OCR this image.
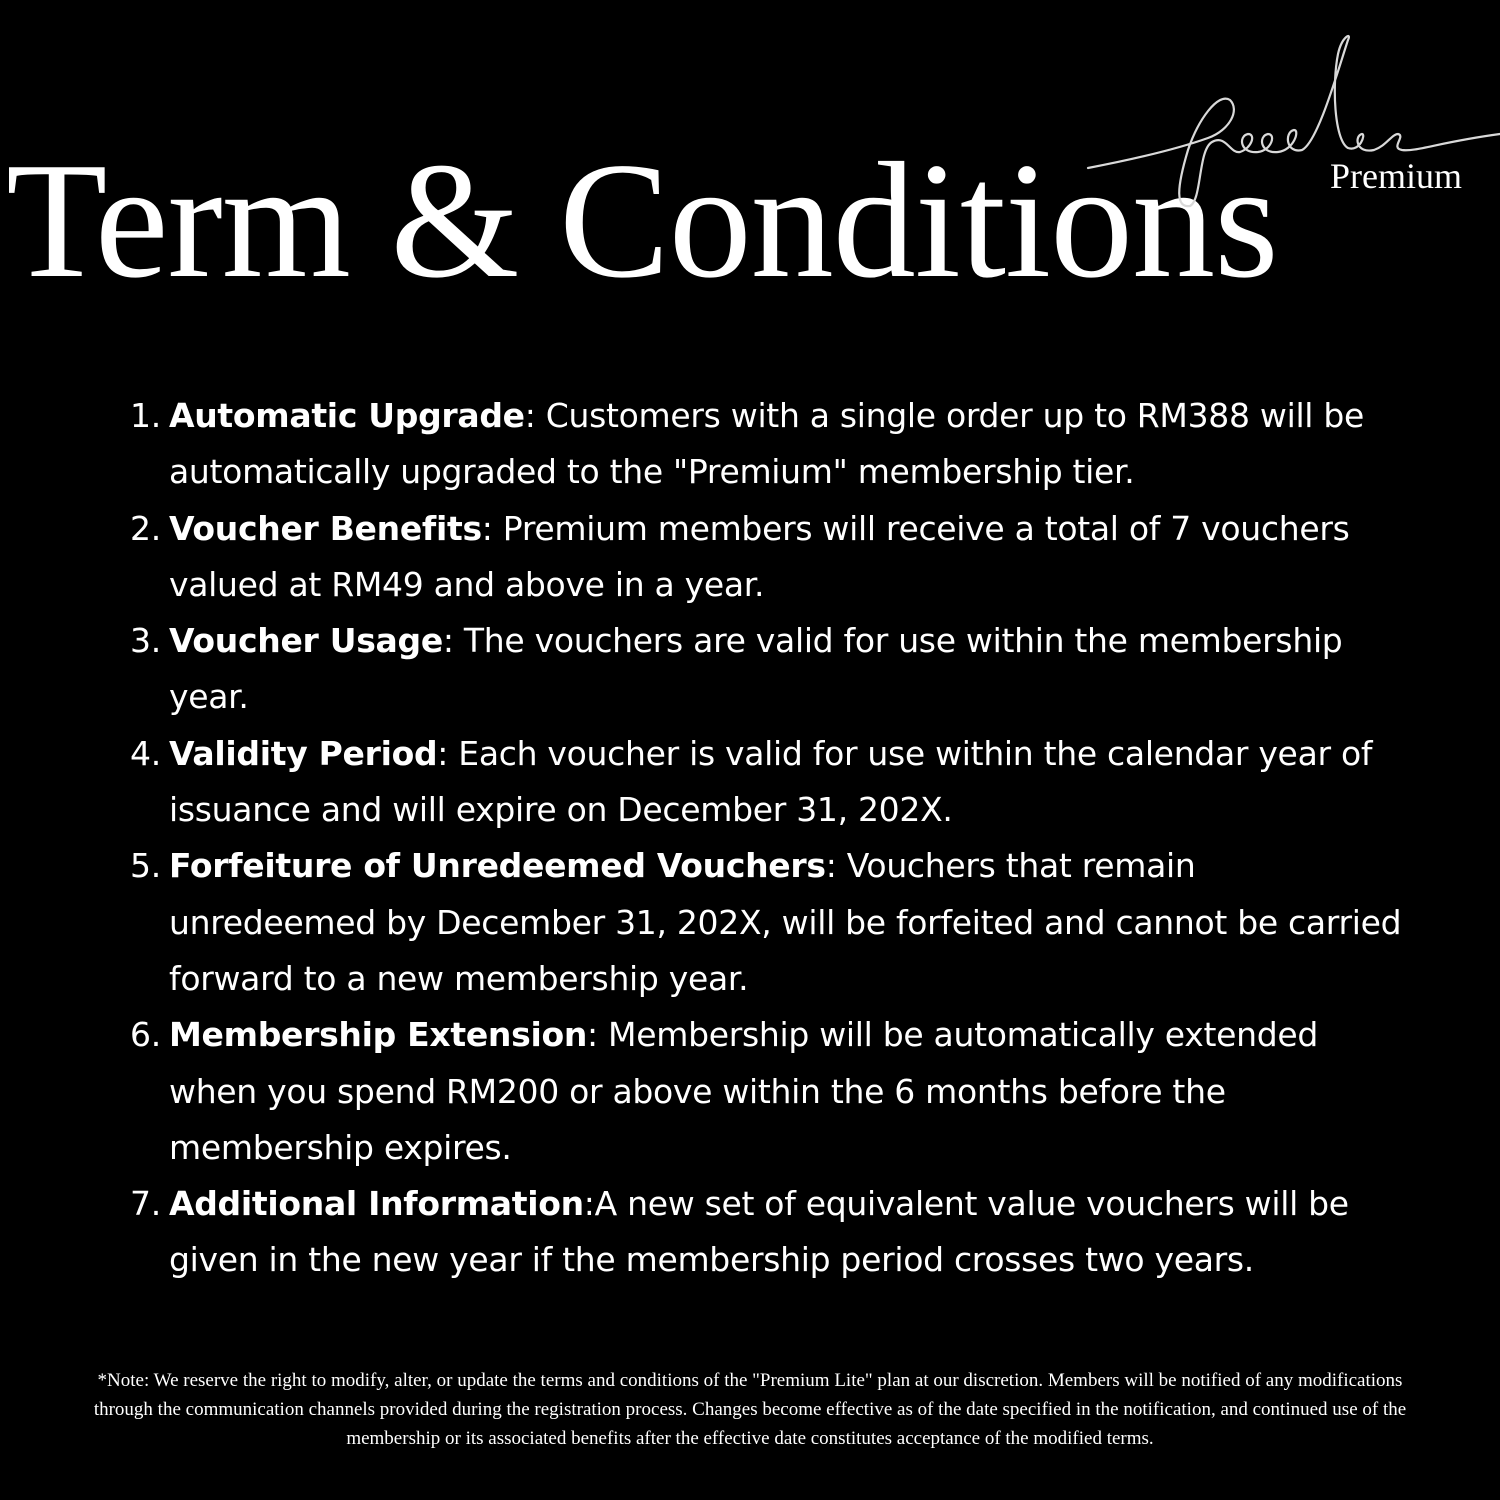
Term & Conditions Premium
1. Automatic Upgrade: Customers with a single order up to RM388 will be automatically upgraded to the "Premium" membership tier.
2. Voucher Benefits: Premium members will receive a total of 7 vouchers valued at RM49 and above in a year.
3. Voucher Usage: The vouchers are valid for use within the membership year.
4. Validity Period: Each voucher is valid for use within the calendar year of issuance and will expire on December 31, 202X.
5. Forfeiture of Unredeemed Vouchers: Vouchers that remain unredeemed by December 31, 202X, will be forfeited and cannot be carried forward to a new membership year.
6. Membership Extension: Membership will be automatically extended when you spend RM200 or above within the 6 months before the membership expires.
7. Additional Information:A new set of equivalent value vouchers will be given in the new year if the membership period crosses two years.

*Note: We reserve the right to modify, alter, or update the terms and conditions of the "Premium Lite" plan at our discretion. Members will be notified of any modifications through the communication channels provided during the registration process. Changes become effective as of the date specified in the notification, and continued use of the membership or its associated benefits after the effective date constitutes acceptance of the modified terms.
